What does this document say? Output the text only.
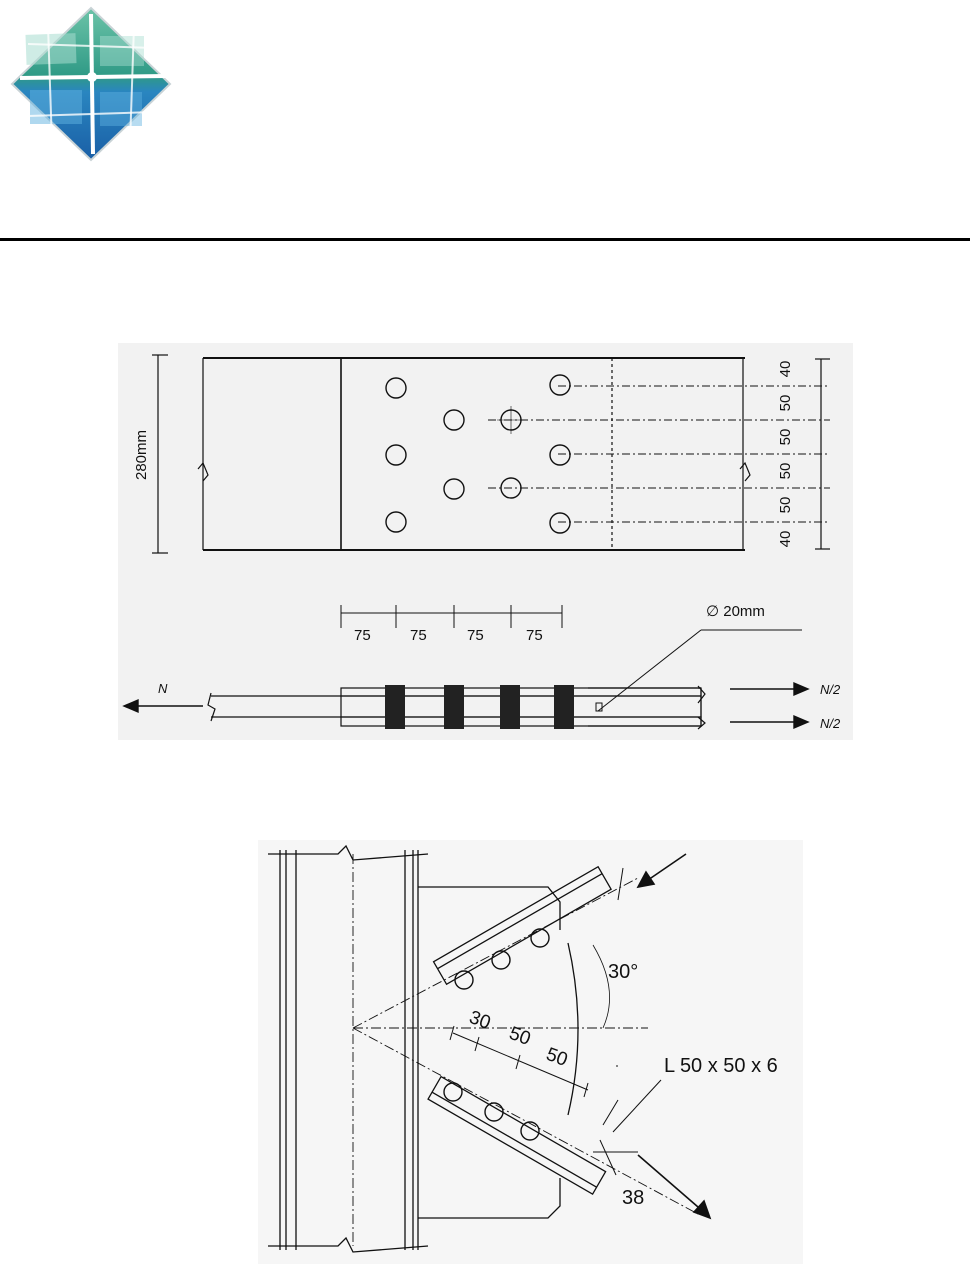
280mm
40
50
50
50
50
40
75	75	75	75
∅ 20mm
N	N/2
N/2
30°
30
50
50	L 50 x 50 x 6
38
